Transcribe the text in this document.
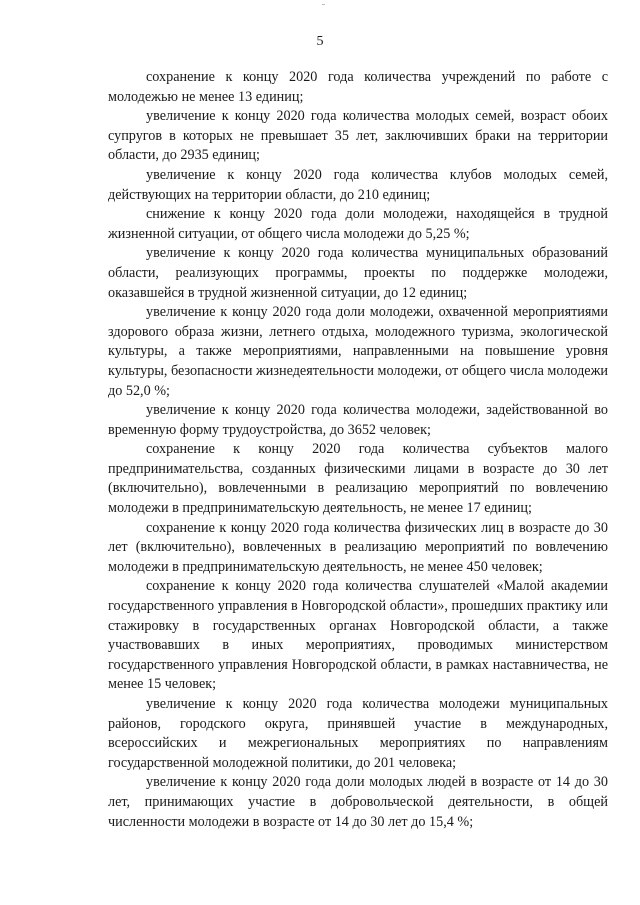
5

сохранение к концу 2020 года количества учреждений по работе с молодежью не менее 13 единиц;

увеличение к концу 2020 года количества молодых семей, возраст обоих супругов в которых не превышает 35 лет, заключивших браки на территории области, до 2935 единиц;

увеличение к концу 2020 года количества клубов молодых семей, действующих на территории области, до 210 единиц;

снижение к концу 2020 года доли молодежи, находящейся в трудной жизненной ситуации, от общего числа молодежи до 5,25 %;

увеличение к концу 2020 года количества муниципальных образований области, реализующих программы, проекты по поддержке молодежи, оказавшейся в трудной жизненной ситуации, до 12 единиц;

увеличение к концу 2020 года доли молодежи, охваченной мероприятиями здорового образа жизни, летнего отдыха, молодежного туризма, экологической культуры, а также мероприятиями, направленными на повышение уровня культуры, безопасности жизнедеятельности молодежи, от общего числа молодежи до 52,0 %;

увеличение к концу 2020 года количества молодежи, задействованной во временную форму трудоустройства, до 3652 человек;

сохранение к концу 2020 года количества субъектов малого предпринимательства, созданных физическими лицами в возрасте до 30 лет (включительно), вовлеченными в реализацию мероприятий по вовлечению молодежи в предпринимательскую деятельность, не менее 17 единиц;

сохранение к концу 2020 года количества физических лиц в возрасте до 30 лет (включительно), вовлеченных в реализацию мероприятий по вовлечению молодежи в предпринимательскую деятельность, не менее 450 человек;

сохранение к концу 2020 года количества слушателей «Малой академии государственного управления в Новгородской области», прошедших практику или стажировку в государственных органах Новгородской области, а также участвовавших в иных мероприятиях, проводимых министерством государственного управления Новгородской области, в рамках наставничества, не менее 15 человек;

увеличение к концу 2020 года количества молодежи муниципальных районов, городского округа, принявшей участие в международных, всероссийских и межрегиональных мероприятиях по направлениям государственной молодежной политики, до 201 человека;

увеличение к концу 2020 года доли молодых людей в возрасте от 14 до 30 лет, принимающих участие в добровольческой деятельности, в общей численности молодежи в возрасте от 14 до 30 лет до 15,4 %;
